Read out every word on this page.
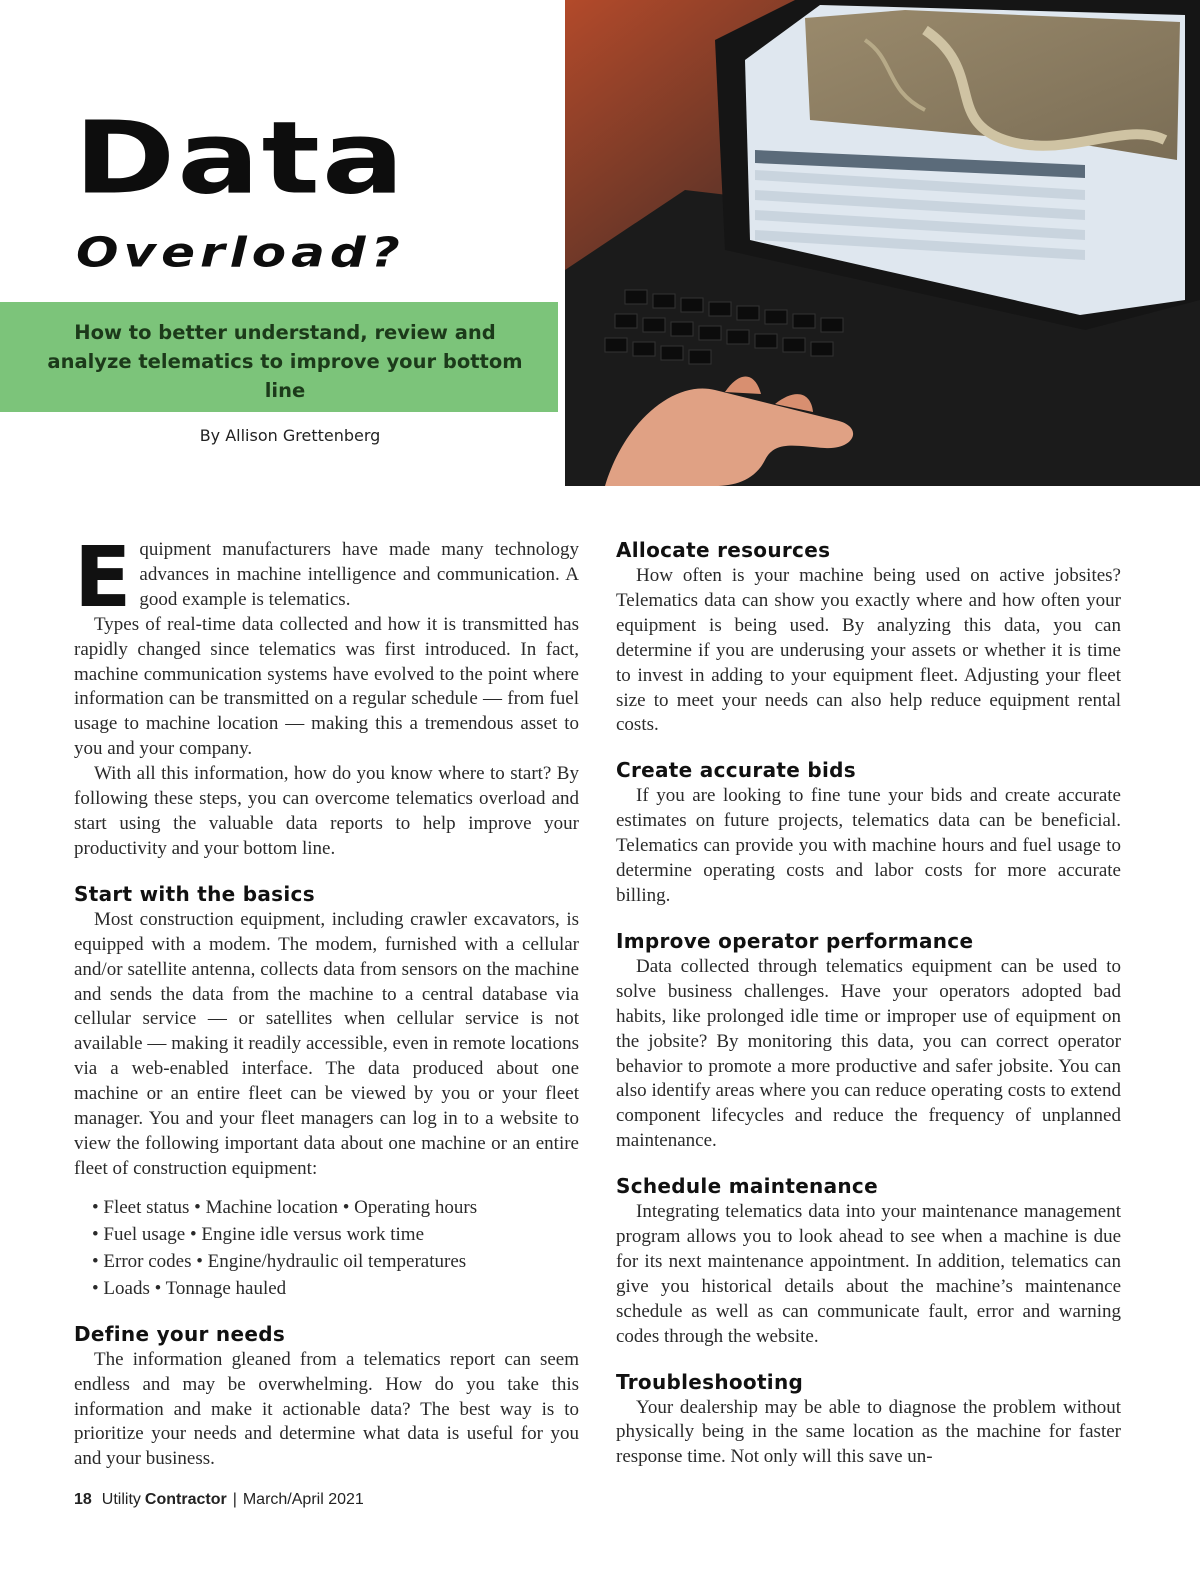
Data
Overload?

How to better understand, review and analyze telematics to improve your bottom line

By Allison Grettenberg

Equipment manufacturers have made many technology advances in machine intelligence and communication. A good example is telematics.

Types of real-time data collected and how it is transmitted has rapidly changed since telematics was first introduced. In fact, machine communication systems have evolved to the point where information can be transmitted on a regular schedule — from fuel usage to machine location — making this a tremendous asset to you and your company.

With all this information, how do you know where to start? By following these steps, you can overcome telematics overload and start using the valuable data reports to help improve your productivity and your bottom line.

Start with the basics

Most construction equipment, including crawler excavators, is equipped with a modem. The modem, furnished with a cellular and/or satellite antenna, collects data from sensors on the machine and sends the data from the machine to a central database via cellular service — or satellites when cellular service is not available — making it readily accessible, even in remote locations via a web-enabled interface. The data produced about one machine or an entire fleet can be viewed by you or your fleet manager. You and your fleet managers can log in to a website to view the following important data about one machine or an entire fleet of construction equipment:

• Fleet status • Machine location • Operating hours
• Fuel usage • Engine idle versus work time
• Error codes • Engine/hydraulic oil temperatures
• Loads • Tonnage hauled
Define your needs

The information gleaned from a telematics report can seem endless and may be overwhelming. How do you take this information and make it actionable data? The best way is to prioritize your needs and determine what data is useful for you and your business.

Allocate resources

How often is your machine being used on active jobsites? Telematics data can show you exactly where and how often your equipment is being used. By analyzing this data, you can determine if you are underusing your assets or whether it is time to invest in adding to your equipment fleet. Adjusting your fleet size to meet your needs can also help reduce equipment rental costs.

Create accurate bids

If you are looking to fine tune your bids and create accurate estimates on future projects, telematics data can be beneficial. Telematics can provide you with machine hours and fuel usage to determine operating costs and labor costs for more accurate billing.

Improve operator performance

Data collected through telematics equipment can be used to solve business challenges. Have your operators adopted bad habits, like prolonged idle time or improper use of equipment on the jobsite? By monitoring this data, you can correct operator behavior to promote a more productive and safer jobsite. You can also identify areas where you can reduce operating costs to extend component lifecycles and reduce the frequency of unplanned maintenance.

Schedule maintenance

Integrating telematics data into your maintenance management program allows you to look ahead to see when a machine is due for its next maintenance appointment. In addition, telematics can give you historical details about the machine’s maintenance schedule as well as can communicate fault, error and warning codes through the website.

Troubleshooting

Your dealership may be able to diagnose the problem without physically being in the same location as the machine for faster response time. Not only will this save un-

18 Utility Contractor | March/April 2021
